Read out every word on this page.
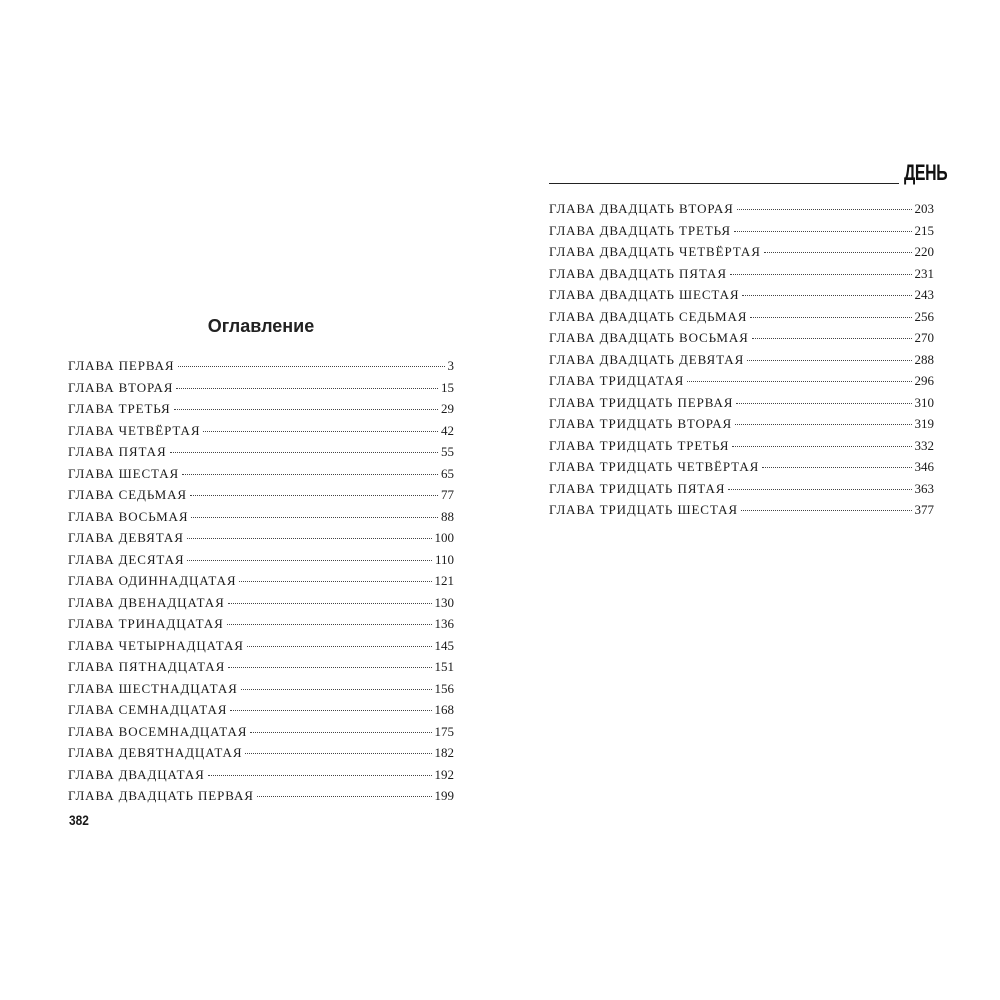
Оглавление
ГЛАВА ПЕРВАЯ	3
ГЛАВА ВТОРАЯ	15
ГЛАВА ТРЕТЬЯ	29
ГЛАВА ЧЕТВЁРТАЯ	42
ГЛАВА ПЯТАЯ	55
ГЛАВА ШЕСТАЯ	65
ГЛАВА СЕДЬМАЯ	77
ГЛАВА ВОСЬМАЯ	88
ГЛАВА ДЕВЯТАЯ	100
ГЛАВА ДЕСЯТАЯ	110
ГЛАВА ОДИННАДЦАТАЯ	121
ГЛАВА ДВЕНАДЦАТАЯ	130
ГЛАВА ТРИНАДЦАТАЯ	136
ГЛАВА ЧЕТЫРНАДЦАТАЯ	145
ГЛАВА ПЯТНАДЦАТАЯ	151
ГЛАВА ШЕСТНАДЦАТАЯ	156
ГЛАВА СЕМНАДЦАТАЯ	168
ГЛАВА ВОСЕМНАДЦАТАЯ	175
ГЛАВА ДЕВЯТНАДЦАТАЯ	182
ГЛАВА ДВАДЦАТАЯ	192
ГЛАВА ДВАДЦАТЬ ПЕРВАЯ	199
382
ДЕНЬ
ГЛАВА ДВАДЦАТЬ ВТОРАЯ	203
ГЛАВА ДВАДЦАТЬ ТРЕТЬЯ	215
ГЛАВА ДВАДЦАТЬ ЧЕТВЁРТАЯ	220
ГЛАВА ДВАДЦАТЬ ПЯТАЯ	231
ГЛАВА ДВАДЦАТЬ ШЕСТАЯ	243
ГЛАВА ДВАДЦАТЬ СЕДЬМАЯ	256
ГЛАВА ДВАДЦАТЬ ВОСЬМАЯ	270
ГЛАВА ДВАДЦАТЬ ДЕВЯТАЯ	288
ГЛАВА ТРИДЦАТАЯ	296
ГЛАВА ТРИДЦАТЬ ПЕРВАЯ	310
ГЛАВА ТРИДЦАТЬ ВТОРАЯ	319
ГЛАВА ТРИДЦАТЬ ТРЕТЬЯ	332
ГЛАВА ТРИДЦАТЬ ЧЕТВЁРТАЯ	346
ГЛАВА ТРИДЦАТЬ ПЯТАЯ	363
ГЛАВА ТРИДЦАТЬ ШЕСТАЯ	377
